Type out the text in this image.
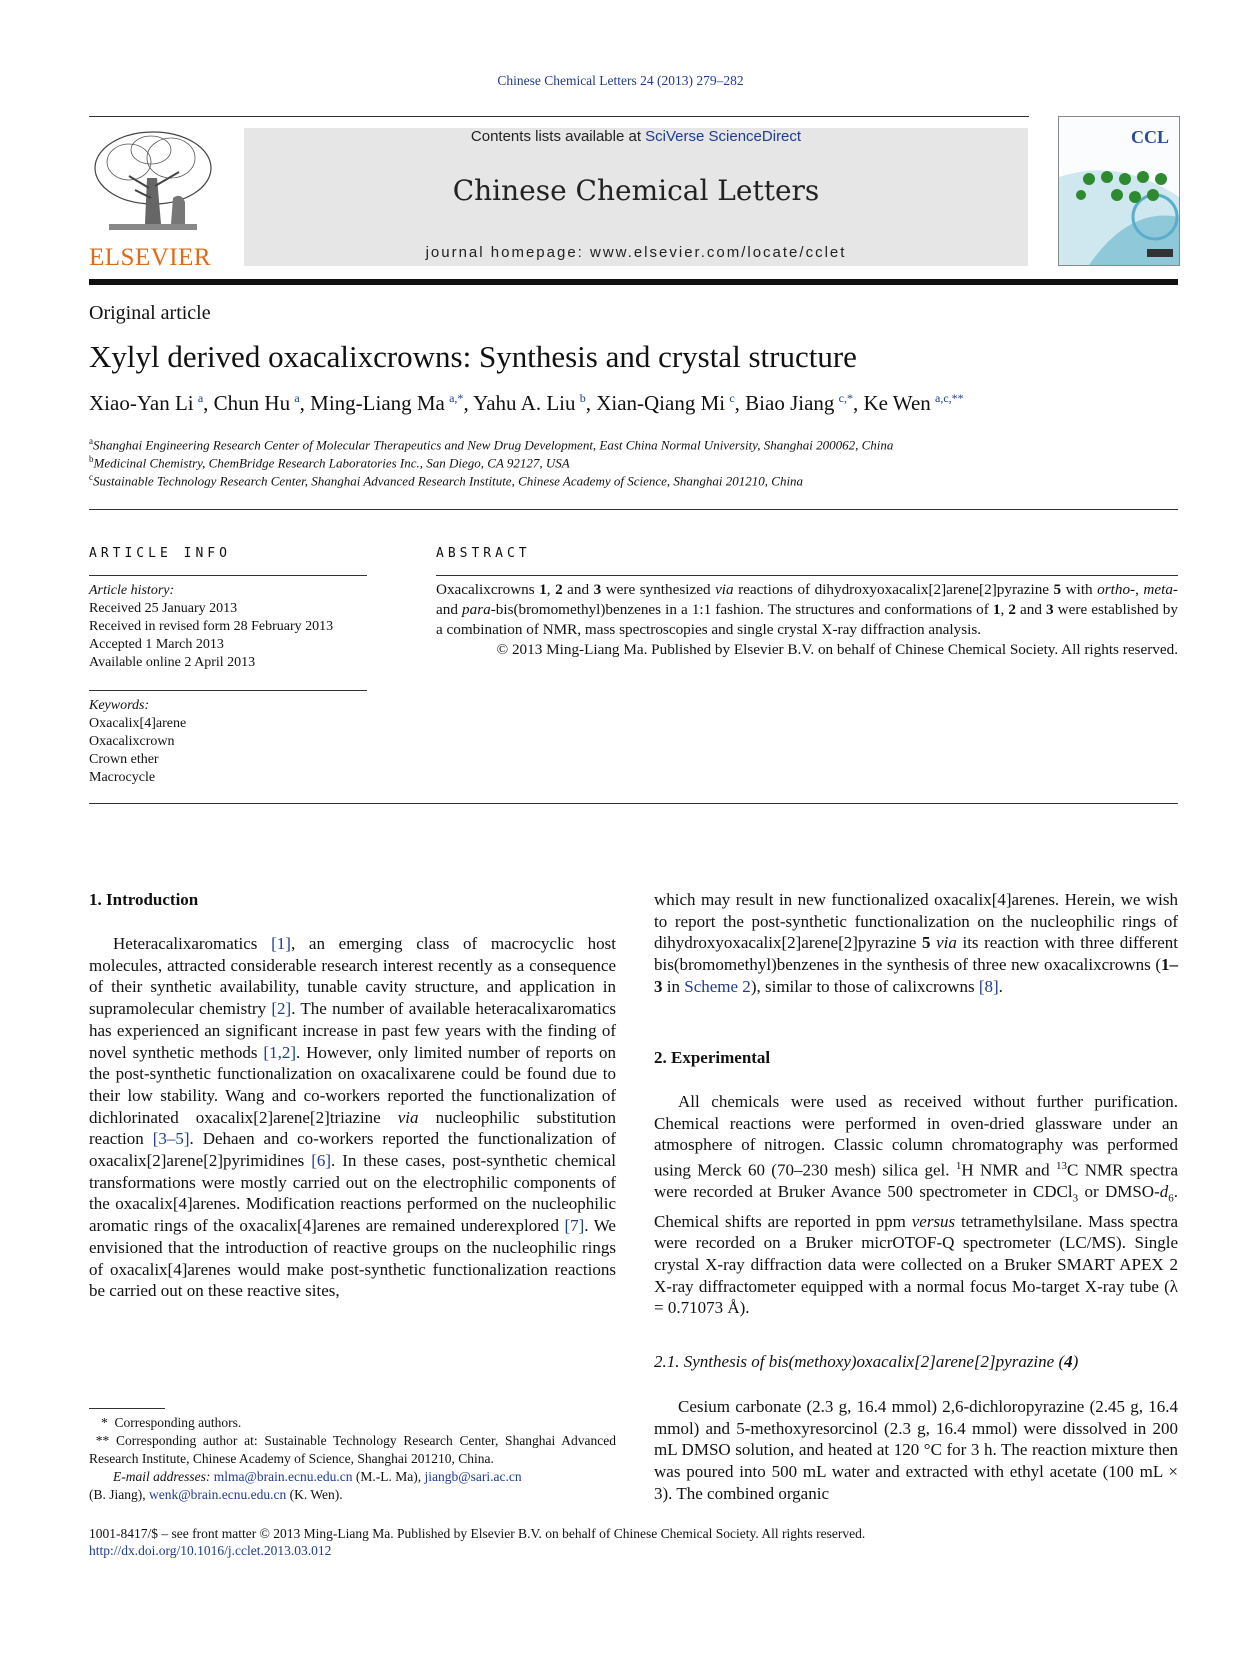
Chinese Chemical Letters 24 (2013) 279–282
ELSEVIER
Contents lists available at SciVerse ScienceDirect
Chinese Chemical Letters
journal homepage: www.elsevier.com/locate/cclet
CCL
Original article
Xylyl derived oxacalixcrowns: Synthesis and crystal structure
Xiao-Yan Li  $^a$, Chun Hu  $^a$, Ming-Liang Ma  $^{a,*}$, Yahu A. Liu  $^b$, Xian-Qiang Mi  $^c$, Biao Jiang  $^{c,*}$, Ke Wen  $^{a,c,**}$
$^a$Shanghai Engineering Research Center of Molecular Therapeutics and New Drug Development, East China Normal University, Shanghai 200062, China
$^b$Medicinal Chemistry, ChemBridge Research Laboratories Inc., San Diego, CA 92127, USA
$^c$Sustainable Technology Research Center, Shanghai Advanced Research Institute, Chinese Academy of Science, Shanghai 201210, China
ARTICLE INFO
Article history:
Received 25 January 2013
Received in revised form 28 February 2013
Accepted 1 March 2013
Available online 2 April 2013
Keywords:
Oxacalix[4]arene
Oxacalixcrown
Crown ether
Macrocycle
ABSTRACT

Oxacalixcrowns 1, 2 and 3 were synthesized via reactions of dihydroxyoxacalix[2]arene[2]pyrazine 5 with ortho-, meta- and para-bis(bromomethyl)benzenes in a 1:1 fashion. The structures and conformations of 1, 2 and 3 were established by a combination of NMR, mass spectroscopies and single crystal X-ray diffraction analysis.

© 2013 Ming-Liang Ma. Published by Elsevier B.V. on behalf of Chinese Chemical Society. All rights reserved.

1. Introduction

Heteracalixaromatics [1], an emerging class of macrocyclic host molecules, attracted considerable research interest recently as a consequence of their synthetic availability, tunable cavity structure, and application in supramolecular chemistry [2]. The number of available heteracalixaromatics has experienced an significant increase in past few years with the finding of novel synthetic methods [1,2]. However, only limited number of reports on the post-synthetic functionalization on oxacalixarene could be found due to their low stability. Wang and co-workers reported the functionalization of dichlorinated oxacalix[2]arene[2]triazine via nucleophilic substitution reaction [3–5]. Dehaen and co-workers reported the functionalization of oxacalix[2]arene[2]pyrimidines [6]. In these cases, post-synthetic chemical transformations were mostly carried out on the electrophilic components of the oxacalix[4]arenes. Modification reactions performed on the nucleophilic aromatic rings of the oxacalix[4]arenes are remained underexplored [7]. We envisioned that the introduction of reactive groups on the nucleophilic rings of oxacalix[4]arenes would make post-synthetic functionalization reactions be carried out on these reactive sites,

*  Corresponding authors.
** Corresponding author at: Sustainable Technology Research Center, Shanghai Advanced Research Institute, Chinese Academy of Science, Shanghai 201210, China.
E-mail addresses: mlma@brain.ecnu.edu.cn (M.-L. Ma), jiangb@sari.ac.cn
(B. Jiang), wenk@brain.ecnu.edu.cn (K. Wen).

which may result in new functionalized oxacalix[4]arenes. Herein, we wish to report the post-synthetic functionalization on the nucleophilic rings of dihydroxyoxacalix[2]arene[2]pyrazine 5 via its reaction with three different bis(bromomethyl)benzenes in the synthesis of three new oxacalixcrowns (1–3 in Scheme 2), similar to those of calixcrowns [8].

2. Experimental

All chemicals were used as received without further purification. Chemical reactions were performed in oven-dried glassware under an atmosphere of nitrogen. Classic column chromatography was performed using Merck 60 (70–230 mesh) silica gel. $^1$H NMR and $^{13}$C NMR spectra were recorded at Bruker Avance 500 spectrometer in CDCl$_3$ or DMSO-$d_6$. Chemical shifts are reported in ppm versus tetramethylsilane. Mass spectra were recorded on a Bruker micrOTOF-Q spectrometer (LC/MS). Single crystal X-ray diffraction data were collected on a Bruker SMART APEX 2 X-ray diffractometer equipped with a normal focus Mo-target X-ray tube (λ = 0.71073 Å).

2.1. Synthesis of bis(methoxy)oxacalix[2]arene[2]pyrazine (4)

Cesium carbonate (2.3 g, 16.4 mmol) 2,6-dichloropyrazine (2.45 g, 16.4 mmol) and 5-methoxyresorcinol (2.3 g, 16.4 mmol) were dissolved in 200 mL DMSO solution, and heated at 120 °C for 3 h. The reaction mixture then was poured into 500 mL water and extracted with ethyl acetate (100 mL × 3). The combined organic

1001-8417/$ – see front matter © 2013 Ming-Liang Ma. Published by Elsevier B.V. on behalf of Chinese Chemical Society. All rights reserved.
http://dx.doi.org/10.1016/j.cclet.2013.03.012
